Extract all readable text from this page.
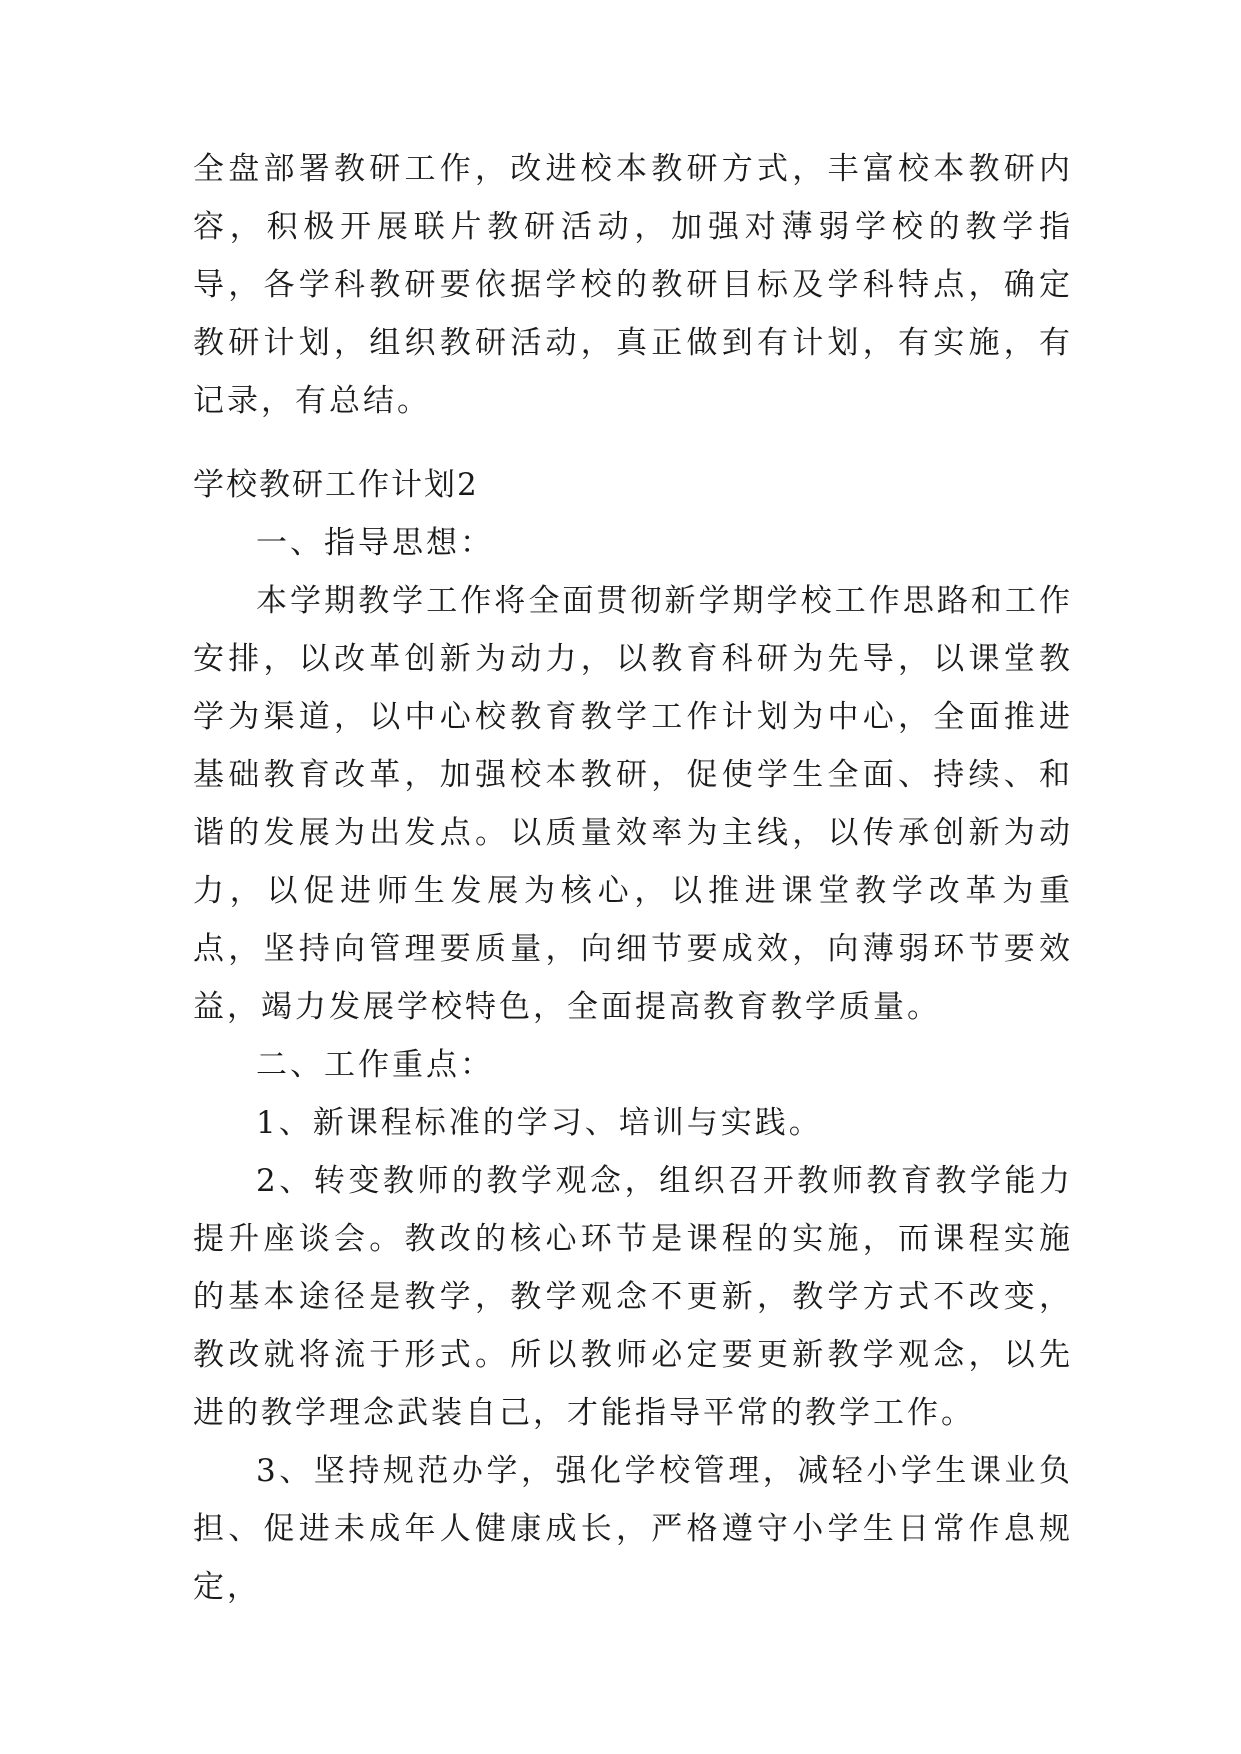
全盘部署教研工作，改进校本教研方式，丰富校本教研内容，积极开展联片教研活动，加强对薄弱学校的教学指导，各学科教研要依据学校的教研目标及学科特点，确定教研计划，组织教研活动，真正做到有计划，有实施，有记录，有总结。

学校教研工作计划2

一、指导思想：

本学期教学工作将全面贯彻新学期学校工作思路和工作安排，以改革创新为动力，以教育科研为先导，以课堂教学为渠道，以中心校教育教学工作计划为中心，全面推进基础教育改革，加强校本教研，促使学生全面、持续、和谐的发展为出发点。以质量效率为主线，以传承创新为动力，以促进师生发展为核心，以推进课堂教学改革为重点，坚持向管理要质量，向细节要成效，向薄弱环节要效益，竭力发展学校特色，全面提高教育教学质量。

二、工作重点：

1、新课程标准的学习、培训与实践。

2、转变教师的教学观念，组织召开教师教育教学能力提升座谈会。教改的核心环节是课程的实施，而课程实施的基本途径是教学，教学观念不更新，教学方式不改变，教改就将流于形式。所以教师必定要更新教学观念，以先进的教学理念武装自己，才能指导平常的教学工作。

3、坚持规范办学，强化学校管理，减轻小学生课业负担、促进未成年人健康成长，严格遵守小学生日常作息规定，
